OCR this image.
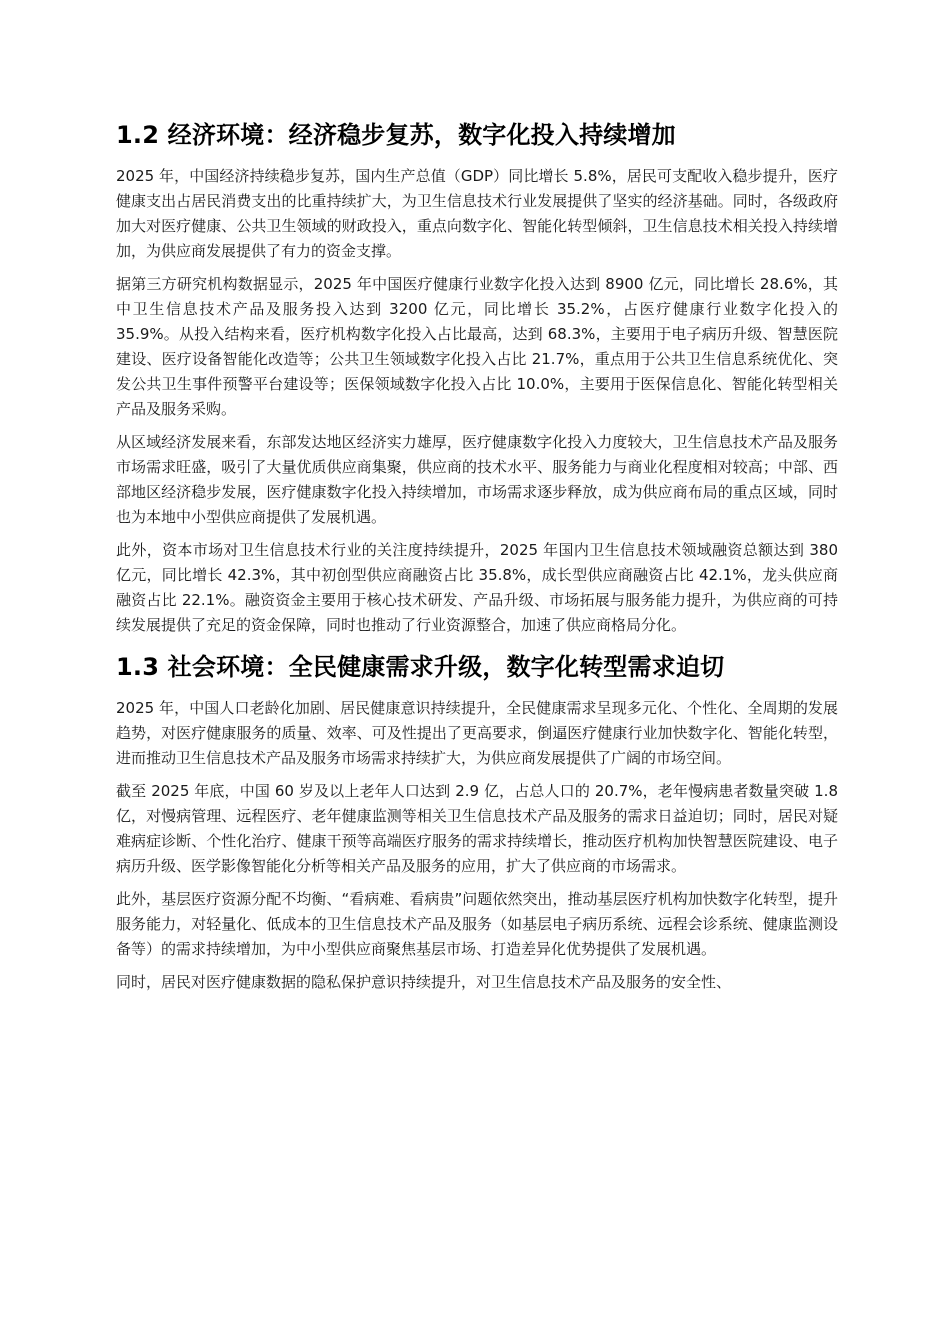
1.2 经济环境：经济稳步复苏，数字化投入持续增加

2025 年，中国经济持续稳步复苏，国内生产总值（GDP）同比增长 5.8%，居民可支配收入稳步提升，医疗健康支出占居民消费支出的比重持续扩大，为卫生信息技术行业发展提供了坚实的经济基础。同时，各级政府加大对医疗健康、公共卫生领域的财政投入，重点向数字化、智能化转型倾斜，卫生信息技术相关投入持续增加，为供应商发展提供了有力的资金支撑。

据第三方研究机构数据显示，2025 年中国医疗健康行业数字化投入达到 8900 亿元，同比增长 28.6%，其中卫生信息技术产品及服务投入达到 3200 亿元，同比增长 35.2%，占医疗健康行业数字化投入的 35.9%。从投入结构来看，医疗机构数字化投入占比最高，达到 68.3%，主要用于电子病历升级、智慧医院建设、医疗设备智能化改造等；公共卫生领域数字化投入占比 21.7%，重点用于公共卫生信息系统优化、突发公共卫生事件预警平台建设等；医保领域数字化投入占比 10.0%，主要用于医保信息化、智能化转型相关产品及服务采购。

从区域经济发展来看，东部发达地区经济实力雄厚，医疗健康数字化投入力度较大，卫生信息技术产品及服务市场需求旺盛，吸引了大量优质供应商集聚，供应商的技术水平、服务能力与商业化程度相对较高；中部、西部地区经济稳步发展，医疗健康数字化投入持续增加，市场需求逐步释放，成为供应商布局的重点区域，同时也为本地中小型供应商提供了发展机遇。

此外，资本市场对卫生信息技术行业的关注度持续提升，2025 年国内卫生信息技术领域融资总额达到 380 亿元，同比增长 42.3%，其中初创型供应商融资占比 35.8%，成长型供应商融资占比 42.1%，龙头供应商融资占比 22.1%。融资资金主要用于核心技术研发、产品升级、市场拓展与服务能力提升，为供应商的可持续发展提供了充足的资金保障，同时也推动了行业资源整合，加速了供应商格局分化。

1.3 社会环境：全民健康需求升级，数字化转型需求迫切

2025 年，中国人口老龄化加剧、居民健康意识持续提升，全民健康需求呈现多元化、个性化、全周期的发展趋势，对医疗健康服务的质量、效率、可及性提出了更高要求，倒逼医疗健康行业加快数字化、智能化转型，进而推动卫生信息技术产品及服务市场需求持续扩大，为供应商发展提供了广阔的市场空间。

截至 2025 年底，中国 60 岁及以上老年人口达到 2.9 亿，占总人口的 20.7%，老年慢病患者数量突破 1.8 亿，对慢病管理、远程医疗、老年健康监测等相关卫生信息技术产品及服务的需求日益迫切；同时，居民对疑难病症诊断、个性化治疗、健康干预等高端医疗服务的需求持续增长，推动医疗机构加快智慧医院建设、电子病历升级、医学影像智能化分析等相关产品及服务的应用，扩大了供应商的市场需求。

此外，基层医疗资源分配不均衡、“看病难、看病贵”问题依然突出，推动基层医疗机构加快数字化转型，提升服务能力，对轻量化、低成本的卫生信息技术产品及服务（如基层电子病历系统、远程会诊系统、健康监测设备等）的需求持续增加，为中小型供应商聚焦基层市场、打造差异化优势提供了发展机遇。

同时，居民对医疗健康数据的隐私保护意识持续提升，对卫生信息技术产品及服务的安全性、
